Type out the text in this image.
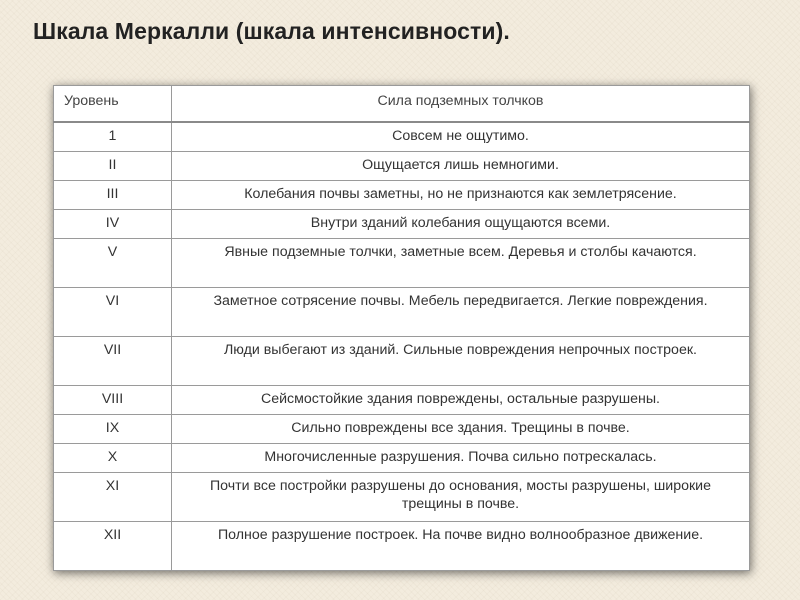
Шкала Меркалли (шкала интенсивности).
Уровень	Сила подземных толчков
1	Совсем не ощутимо.
II	Ощущается лишь немногими.
III	Колебания почвы заметны, но не признаются как землетрясение.
IV	Внутри зданий колебания ощущаются всеми.
V	Явные подземные толчки, заметные всем. Деревья и столбы качаются.
VI	Заметное сотрясение почвы. Мебель передвигается. Легкие повреждения.
VII	Люди выбегают из зданий. Сильные повреждения непрочных построек.
VIII	Сейсмостойкие здания повреждены, остальные разрушены.
IX	Сильно повреждены все здания. Трещины в почве.
X	Многочисленные разрушения. Почва сильно потрескалась.
XI	Почти все постройки разрушены до основания, мосты разрушены, широкие трещины в почве.
XII	Полное разрушение построек. На почве видно волнообразное движение.
